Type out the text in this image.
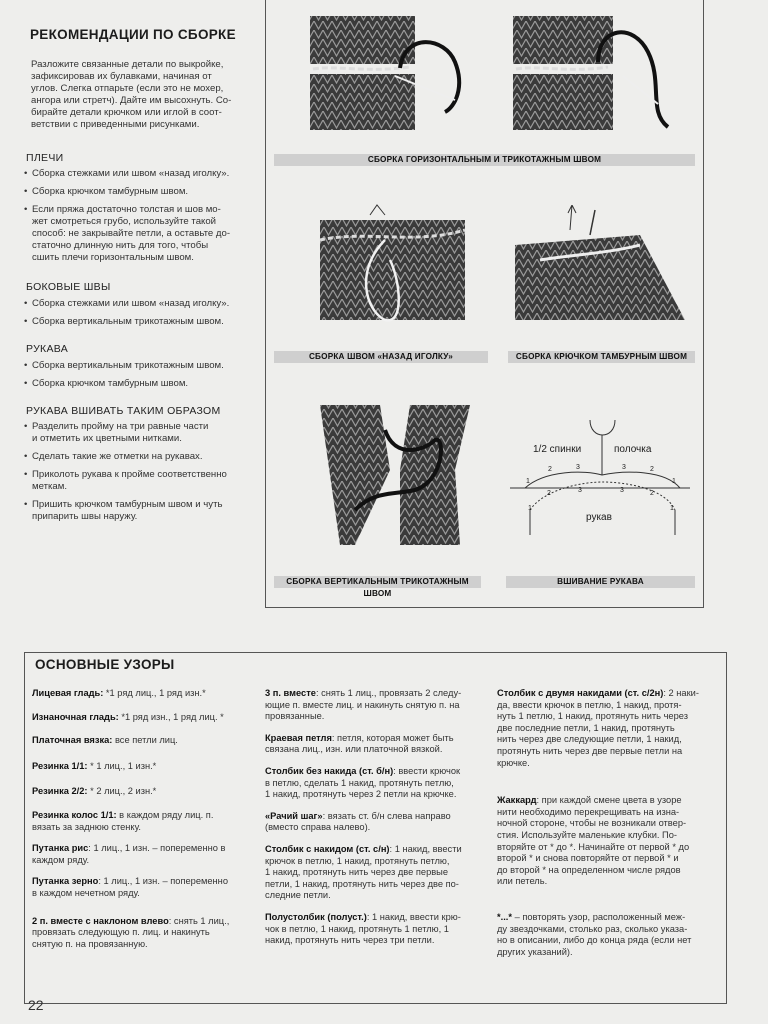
РЕКОМЕНДАЦИИ ПО СБОРКЕ
Разложите связанные детали по выкройке,
зафиксировав их булавками, начиная от
углов. Слегка отпарьте (если это не мохер,
ангора или стретч). Дайте им высохнуть. Со-
бирайте детали крючком или иглой в соот-
ветствии с приведенными рисунками.
ПЛЕЧИ
• Сборка стежками или швом «назад иголку».
• Сборка крючком тамбурным швом.
• Если пряжа достаточно толстая и шов мо-
жет смотреться грубо, используйте такой
способ: не закрывайте петли, а оставьте до-
статочно длинную нить для того, чтобы
сшить плечи горизонтальным швом.
БОКОВЫЕ ШВЫ
• Сборка стежками или швом «назад иголку».
• Сборка вертикальным трикотажным швом.
РУКАВА
• Сборка вертикальным трикотажным швом.
• Сборка крючком тамбурным швом.
РУКАВА ВШИВАТЬ ТАКИМ ОБРАЗОМ
• Разделить пройму на три равные части
и отметить их цветными нитками.
• Сделать такие же отметки на рукавах.
• Приколоть рукава к пройме соответственно
меткам.
• Пришить крючком тамбурным швом и чуть
припарить швы наружу.
СБОРКА ГОРИЗОНТАЛЬНЫМ И ТРИКОТАЖНЫМ ШВОМ
СБОРКА ШВОМ «НАЗАД ИГОЛКУ»	СБОРКА КРЮЧКОМ ТАМБУРНЫМ ШВОМ
1/2 спинки	полочка
рукав
1
2	3	3	2
1
1
2	3	3	2
1
СБОРКА ВЕРТИКАЛЬНЫМ ТРИКОТАЖНЫМ ШВОМ
ВШИВАНИЕ РУКАВА
ОСНОВНЫЕ УЗОРЫ
Лицевая гладь: *1 ряд лиц., 1 ряд изн.*
Изнаночная гладь: *1 ряд изн., 1 ряд лиц. *
Платочная вязка: все петли лиц.
Резинка 1/1: * 1 лиц., 1 изн.*
Резинка 2/2: * 2 лиц., 2 изн.*
Резинка колос 1/1: в каждом ряду лиц. п.
вязать за заднюю стенку.
Путанка рис: 1 лиц., 1 изн. – попеременно в
каждом ряду.
Путанка зерно: 1 лиц., 1 изн. – попеременно
в каждом нечетном ряду.
2 п. вместе с наклоном влево: снять 1 лиц.,
провязать следующую п. лиц. и накинуть
снятую п. на провязанную.
3 п. вместе: снять 1 лиц., провязать 2 следу-
ющие п. вместе лиц. и накинуть снятую п. на
провязанные.
Краевая петля: петля, которая может быть
связана лиц., изн. или платочной вязкой.
Столбик без накида (ст. б/н): ввести крючок
в петлю, сделать 1 накид, протянуть петлю,
1 накид, протянуть через 2 петли на крючке.
«Рачий шаг»: вязать ст. б/н слева направо
(вместо справа налево).
Столбик с накидом (ст. с/н): 1 накид, ввести
крючок в петлю, 1 накид, протянуть петлю,
1 накид, протянуть нить через две первые
петли, 1 накид, протянуть нить через две по-
следние петли.
Полустолбик (полуст.): 1 накид, ввести крю-
чок в петлю, 1 накид, протянуть 1 петлю, 1
накид, протянуть нить через три петли.
Столбик с двумя накидами (ст. с/2н): 2 нaки-
да, ввести крючок в петлю, 1 накид, протя-
нуть 1 петлю, 1 накид, протянуть нить через
две последние петли, 1 накид, протянуть
нить через две следующие петли, 1 накид,
протянуть нить через две первые петли на
крючке.
Жаккард: при каждой смене цвета в узоре
нити необходимо перекрещивать на изна-
ночной стороне, чтобы не возникали отвер-
стия. Используйте маленькие клубки. По-
вторяйте от * до *. Начинайте от первой * до
второй * и снова повторяйте от первой * и
до второй * на определенном числе рядов
или петель.
*...* – повторять узор, расположенный меж-
ду звездочками, столько раз, сколько указа-
но в описании, либо до конца ряда (если нет
других указаний).
22
